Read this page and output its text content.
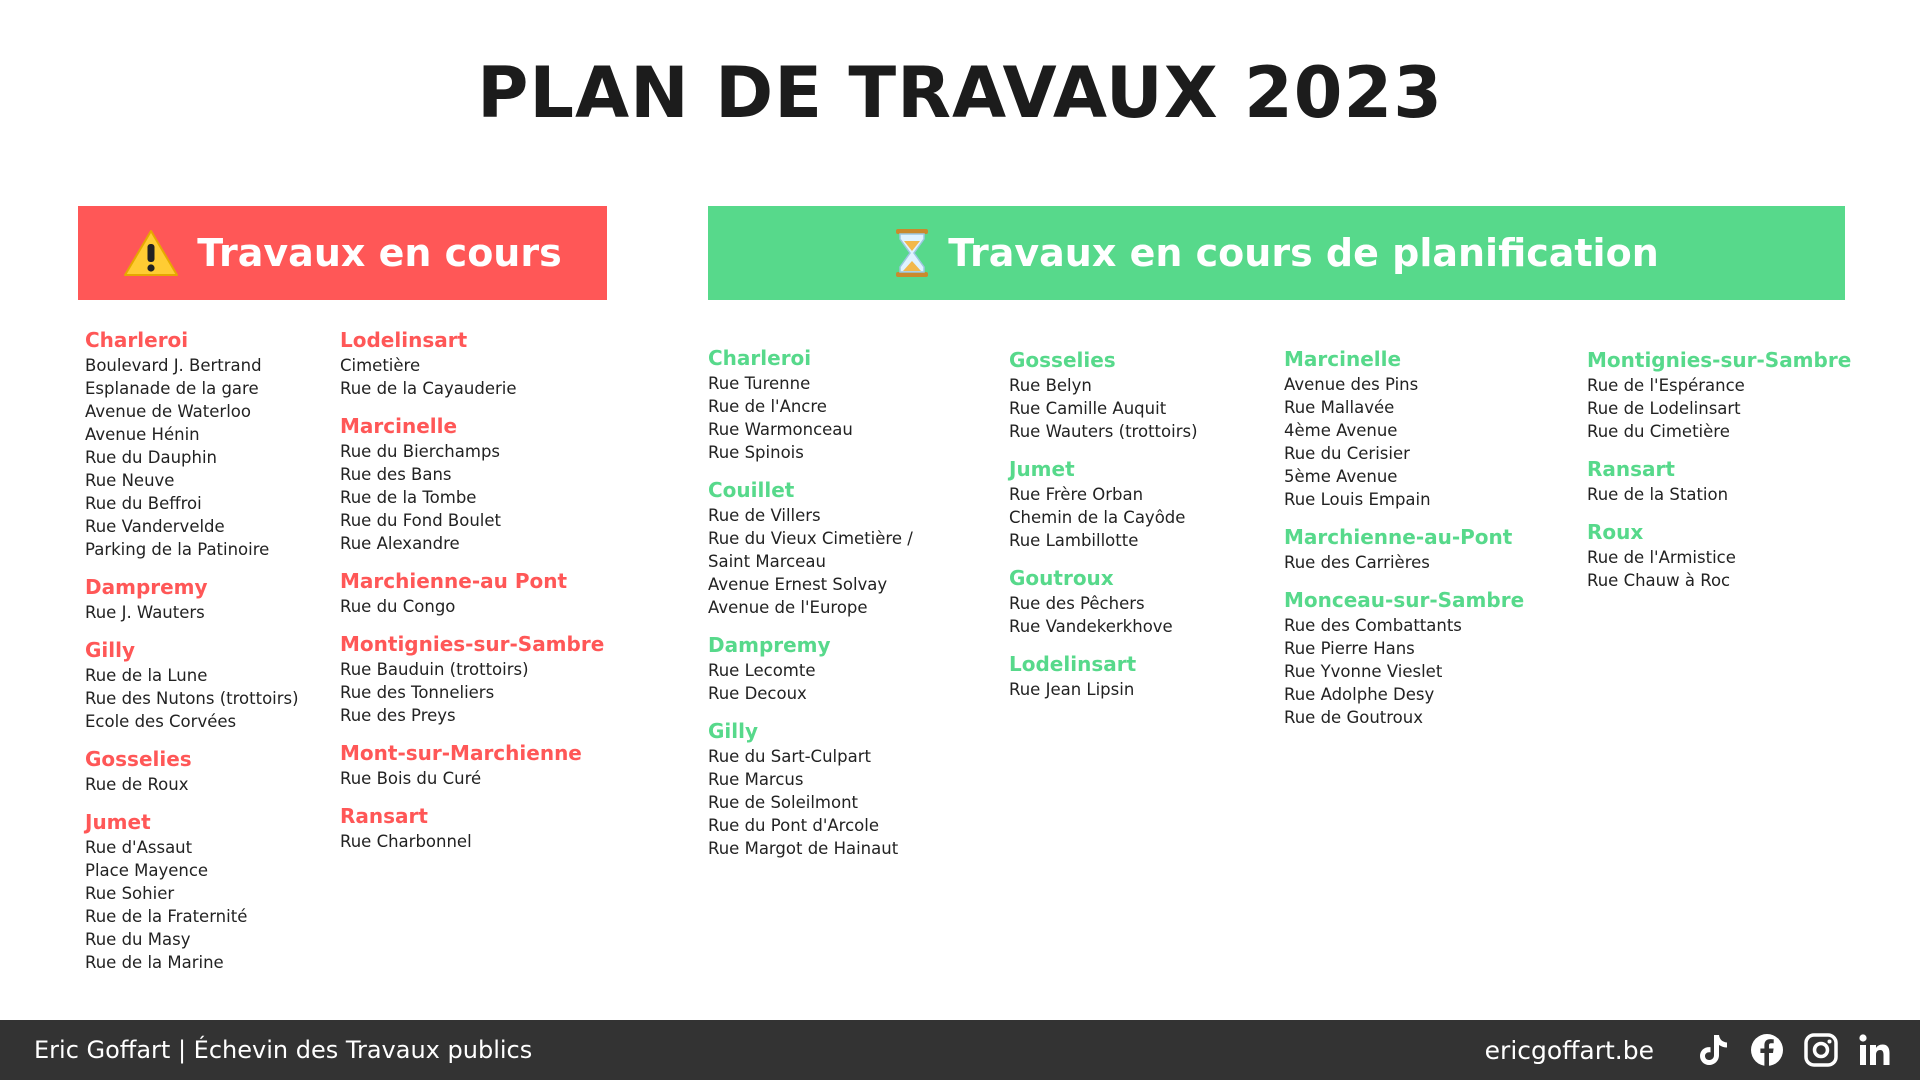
PLAN DE TRAVAUX 2023
Travaux en cours	Travaux en cours de planification
Charleroi
Boulevard J. Bertrand
Esplanade de la gare
Avenue de Waterloo
Avenue Hénin
Rue du Dauphin
Rue Neuve
Rue du Beffroi
Rue Vandervelde
Parking de la Patinoire
Dampremy
Rue J. Wauters
Gilly
Rue de la Lune
Rue des Nutons (trottoirs)
Ecole des Corvées
Gosselies
Rue de Roux
Jumet
Rue d'Assaut
Place Mayence
Rue Sohier
Rue de la Fraternité
Rue du Masy
Rue de la Marine
Lodelinsart
Cimetière
Rue de la Cayauderie
Marcinelle
Rue du Bierchamps
Rue des Bans
Rue de la Tombe
Rue du Fond Boulet
Rue Alexandre
Marchienne-au Pont
Rue du Congo
Montignies-sur-Sambre
Rue Bauduin (trottoirs)
Rue des Tonneliers
Rue des Preys
Mont-sur-Marchienne
Rue Bois du Curé
Ransart
Rue Charbonnel
Charleroi
Rue Turenne
Rue de l'Ancre
Rue Warmonceau
Rue Spinois
Couillet
Rue de Villers
Rue du Vieux Cimetière /
Saint Marceau
Avenue Ernest Solvay
Avenue de l'Europe
Dampremy
Rue Lecomte
Rue Decoux
Gilly
Rue du Sart-Culpart
Rue Marcus
Rue de Soleilmont
Rue du Pont d'Arcole
Rue Margot de Hainaut
Gosselies
Rue Belyn
Rue Camille Auquit
Rue Wauters (trottoirs)
Jumet
Rue Frère Orban
Chemin de la Cayôde
Rue Lambillotte
Goutroux
Rue des Pêchers
Rue Vandekerkhove
Lodelinsart
Rue Jean Lipsin
Marcinelle
Avenue des Pins
Rue Mallavée
4ème Avenue
Rue du Cerisier
5ème Avenue
Rue Louis Empain
Marchienne-au-Pont
Rue des Carrières
Monceau-sur-Sambre
Rue des Combattants
Rue Pierre Hans
Rue Yvonne Vieslet
Rue Adolphe Desy
Rue de Goutroux
Montignies-sur-Sambre
Rue de l'Espérance
Rue de Lodelinsart
Rue du Cimetière
Ransart
Rue de la Station
Roux
Rue de l'Armistice
Rue Chauw à Roc
Eric Goffart | Échevin des Travaux publics	ericgoffart.be
